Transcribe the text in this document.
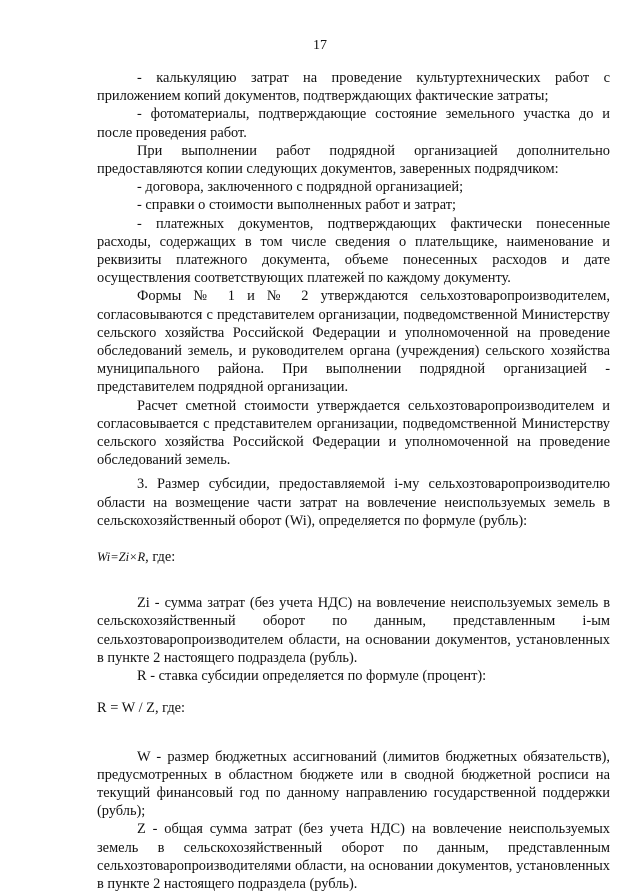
17

- калькуляцию затрат на проведение культуртехнических работ с приложением копий документов, подтверждающих фактические затраты;

- фотоматериалы, подтверждающие состояние земельного участка до и после проведения работ.

При выполнении работ подрядной организацией дополнительно предоставляются копии следующих документов, заверенных подрядчиком:

- договора, заключенного с подрядной организацией;

- справки о стоимости выполненных работ и затрат;

- платежных документов, подтверждающих фактически понесенные расходы, содержащих в том числе сведения о плательщике, наименование и реквизиты платежного документа, объеме понесенных расходов и дате осуществления соответствующих платежей по каждому документу.

Формы № 1 и № 2 утверждаются сельхозтоваропроизводителем, согласовываются с представителем организации, подведомственной Министерству сельского хозяйства Российской Федерации и уполномоченной на проведение обследований земель, и руководителем органа (учреждения) сельского хозяйства муниципального района. При выполнении подрядной организацией - представителем подрядной организации.

Расчет сметной стоимости утверждается сельхозтоваропроизводителем и согласовывается с представителем организации, подведомственной Министерству сельского хозяйства Российской Федерации и уполномоченной на проведение обследований земель.

3. Размер субсидии, предоставляемой i-му сельхозтоваропроизводителю области на возмещение части затрат на вовлечение неиспользуемых земель в сельскохозяйственный оборот (Wi), определяется по формуле (рубль):

Wi=Zi×R, где:

Zi - сумма затрат (без учета НДС) на вовлечение неиспользуемых земель в сельскохозяйственный оборот по данным, представленным i-ым сельхозтоваропроизводителем области, на основании документов, установленных в пункте 2 настоящего подраздела (рубль).

R - ставка субсидии определяется по формуле (процент):

R = W / Z, где:

W - размер бюджетных ассигнований (лимитов бюджетных обязательств), предусмотренных в областном бюджете или в сводной бюджетной росписи на текущий финансовый год по данному направлению государственной поддержки (рубль);

Z - общая сумма затрат (без учета НДС) на вовлечение неиспользуемых земель в сельскохозяйственный оборот по данным, представленным сельхозтоваропроизводителями области, на основании документов, установленных в пункте 2 настоящего подраздела (рубль).
